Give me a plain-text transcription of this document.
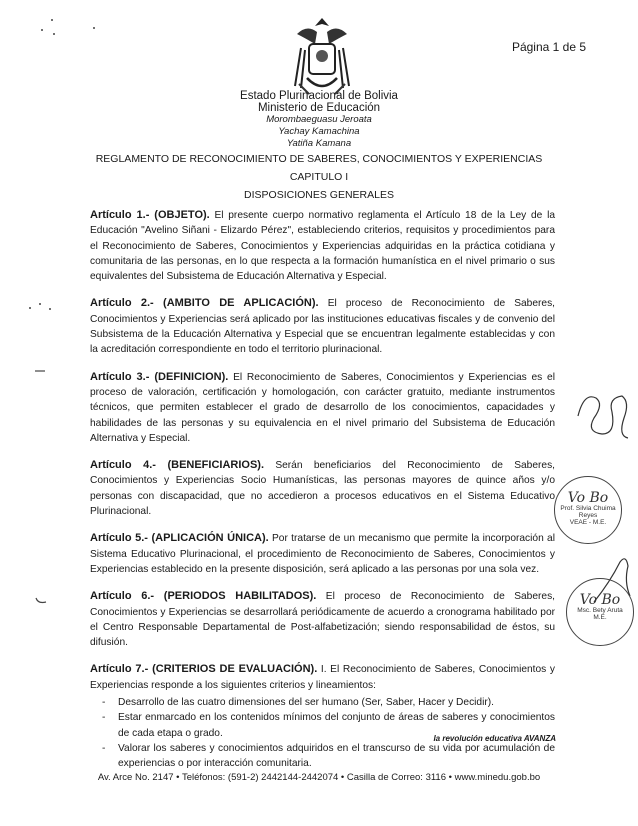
Página 1 de 5
Estado Plurinacional de Bolivia
Ministerio de Educación
Morombaeguasu Jeroata
Yachay Kamachina
Yatiña Kamana
REGLAMENTO DE RECONOCIMIENTO DE SABERES, CONOCIMIENTOS Y EXPERIENCIAS
CAPITULO I
DISPOSICIONES GENERALES

Artículo 1.- (OBJETO). El presente cuerpo normativo reglamenta el Artículo 18 de la Ley de la Educación "Avelino Siñani - Elizardo Pérez", estableciendo criterios, requisitos y procedimientos para el Reconocimiento de Saberes, Conocimientos y Experiencias adquiridas en la práctica cotidiana y comunitaria de las personas, en lo que respecta a la formación humanística en el nivel primario o sus equivalentes del Subsistema de Educación Alternativa y Especial.

Artículo 2.- (AMBITO DE APLICACIÓN). El proceso de Reconocimiento de Saberes, Conocimientos y Experiencias será aplicado por las instituciones educativas fiscales y de convenio del Subsistema de la Educación Alternativa y Especial que se encuentran legalmente establecidas y con la acreditación correspondiente en todo el territorio plurinacional.

Artículo 3.- (DEFINICION). El Reconocimiento de Saberes, Conocimientos y Experiencias es el proceso de valoración, certificación y homologación, con carácter gratuito, mediante instrumentos técnicos, que permiten establecer el grado de desarrollo de los conocimientos, capacidades y habilidades de las personas y su equivalencia en el nivel primario del Subsistema de Educación Alternativa y Especial.

Artículo 4.- (BENEFICIARIOS). Serán beneficiarios del Reconocimiento de Saberes, Conocimientos y Experiencias Socio Humanísticas, las personas mayores de quince años y/o personas con discapacidad, que no accedieron a procesos educativos en el Sistema Educativo Plurinacional.

Artículo 5.- (APLICACIÓN ÚNICA). Por tratarse de un mecanismo que permite la incorporación al Sistema Educativo Plurinacional, el procedimiento de Reconocimiento de Saberes, Conocimientos y Experiencias establecido en la presente disposición, será aplicado a las personas por una sola vez.

Artículo 6.- (PERIODOS HABILITADOS). El proceso de Reconocimiento de Saberes, Conocimientos y Experiencias se desarrollará periódicamente de acuerdo a cronograma habilitado por el Centro Responsable Departamental de Post-alfabetización; siendo responsabilidad de éstos, su difusión.

Artículo 7.- (CRITERIOS DE EVALUACIÓN). I. El Reconocimiento de Saberes, Conocimientos y Experiencias responde a los siguientes criterios y lineamientos:

- Desarrollo de las cuatro dimensiones del ser humano (Ser, Saber, Hacer y Decidir).
- Estar enmarcado en los contenidos mínimos del conjunto de áreas de saberes y conocimientos de cada etapa o grado.
- Valorar los saberes y conocimientos adquiridos en el transcurso de su vida por acumulación de experiencias o por interacción comunitaria.
la revolución educativa AVANZA
Av. Arce No. 2147 • Teléfonos: (591-2) 2442144-2442074 • Casilla de Correo: 3116 • www.minedu.gob.bo
Vo Bo
Prof. Silvia Chuima Reyes
VEAE - M.E.
Vo Bo
Msc. Bety Aruta
M.E.
